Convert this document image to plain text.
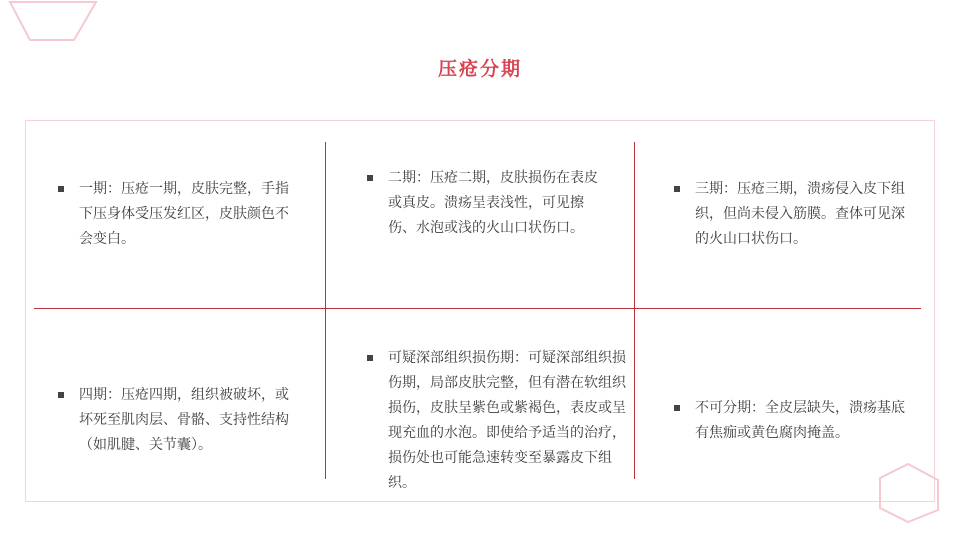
压疮分期
一期：压疮一期，皮肤完整，手指下压身体受压发红区，皮肤颜色不会变白。
二期：压疮二期，皮肤损伤在表皮或真皮。溃疡呈表浅性，可见擦伤、水泡或浅的火山口状伤口。
三期：压疮三期，溃疡侵入皮下组织，但尚未侵入筋膜。查体可见深的火山口状伤口。
四期：压疮四期，组织被破坏，或坏死至肌肉层、骨骼、支持性结构（如肌腱、关节囊）。
可疑深部组织损伤期：可疑深部组织损伤期，局部皮肤完整，但有潜在软组织损伤，皮肤呈紫色或紫褐色，表皮或呈现充血的水泡。即使给予适当的治疗，损伤处也可能急速转变至暴露皮下组织。
不可分期：全皮层缺失，溃疡基底有焦痂或黄色腐肉掩盖。
